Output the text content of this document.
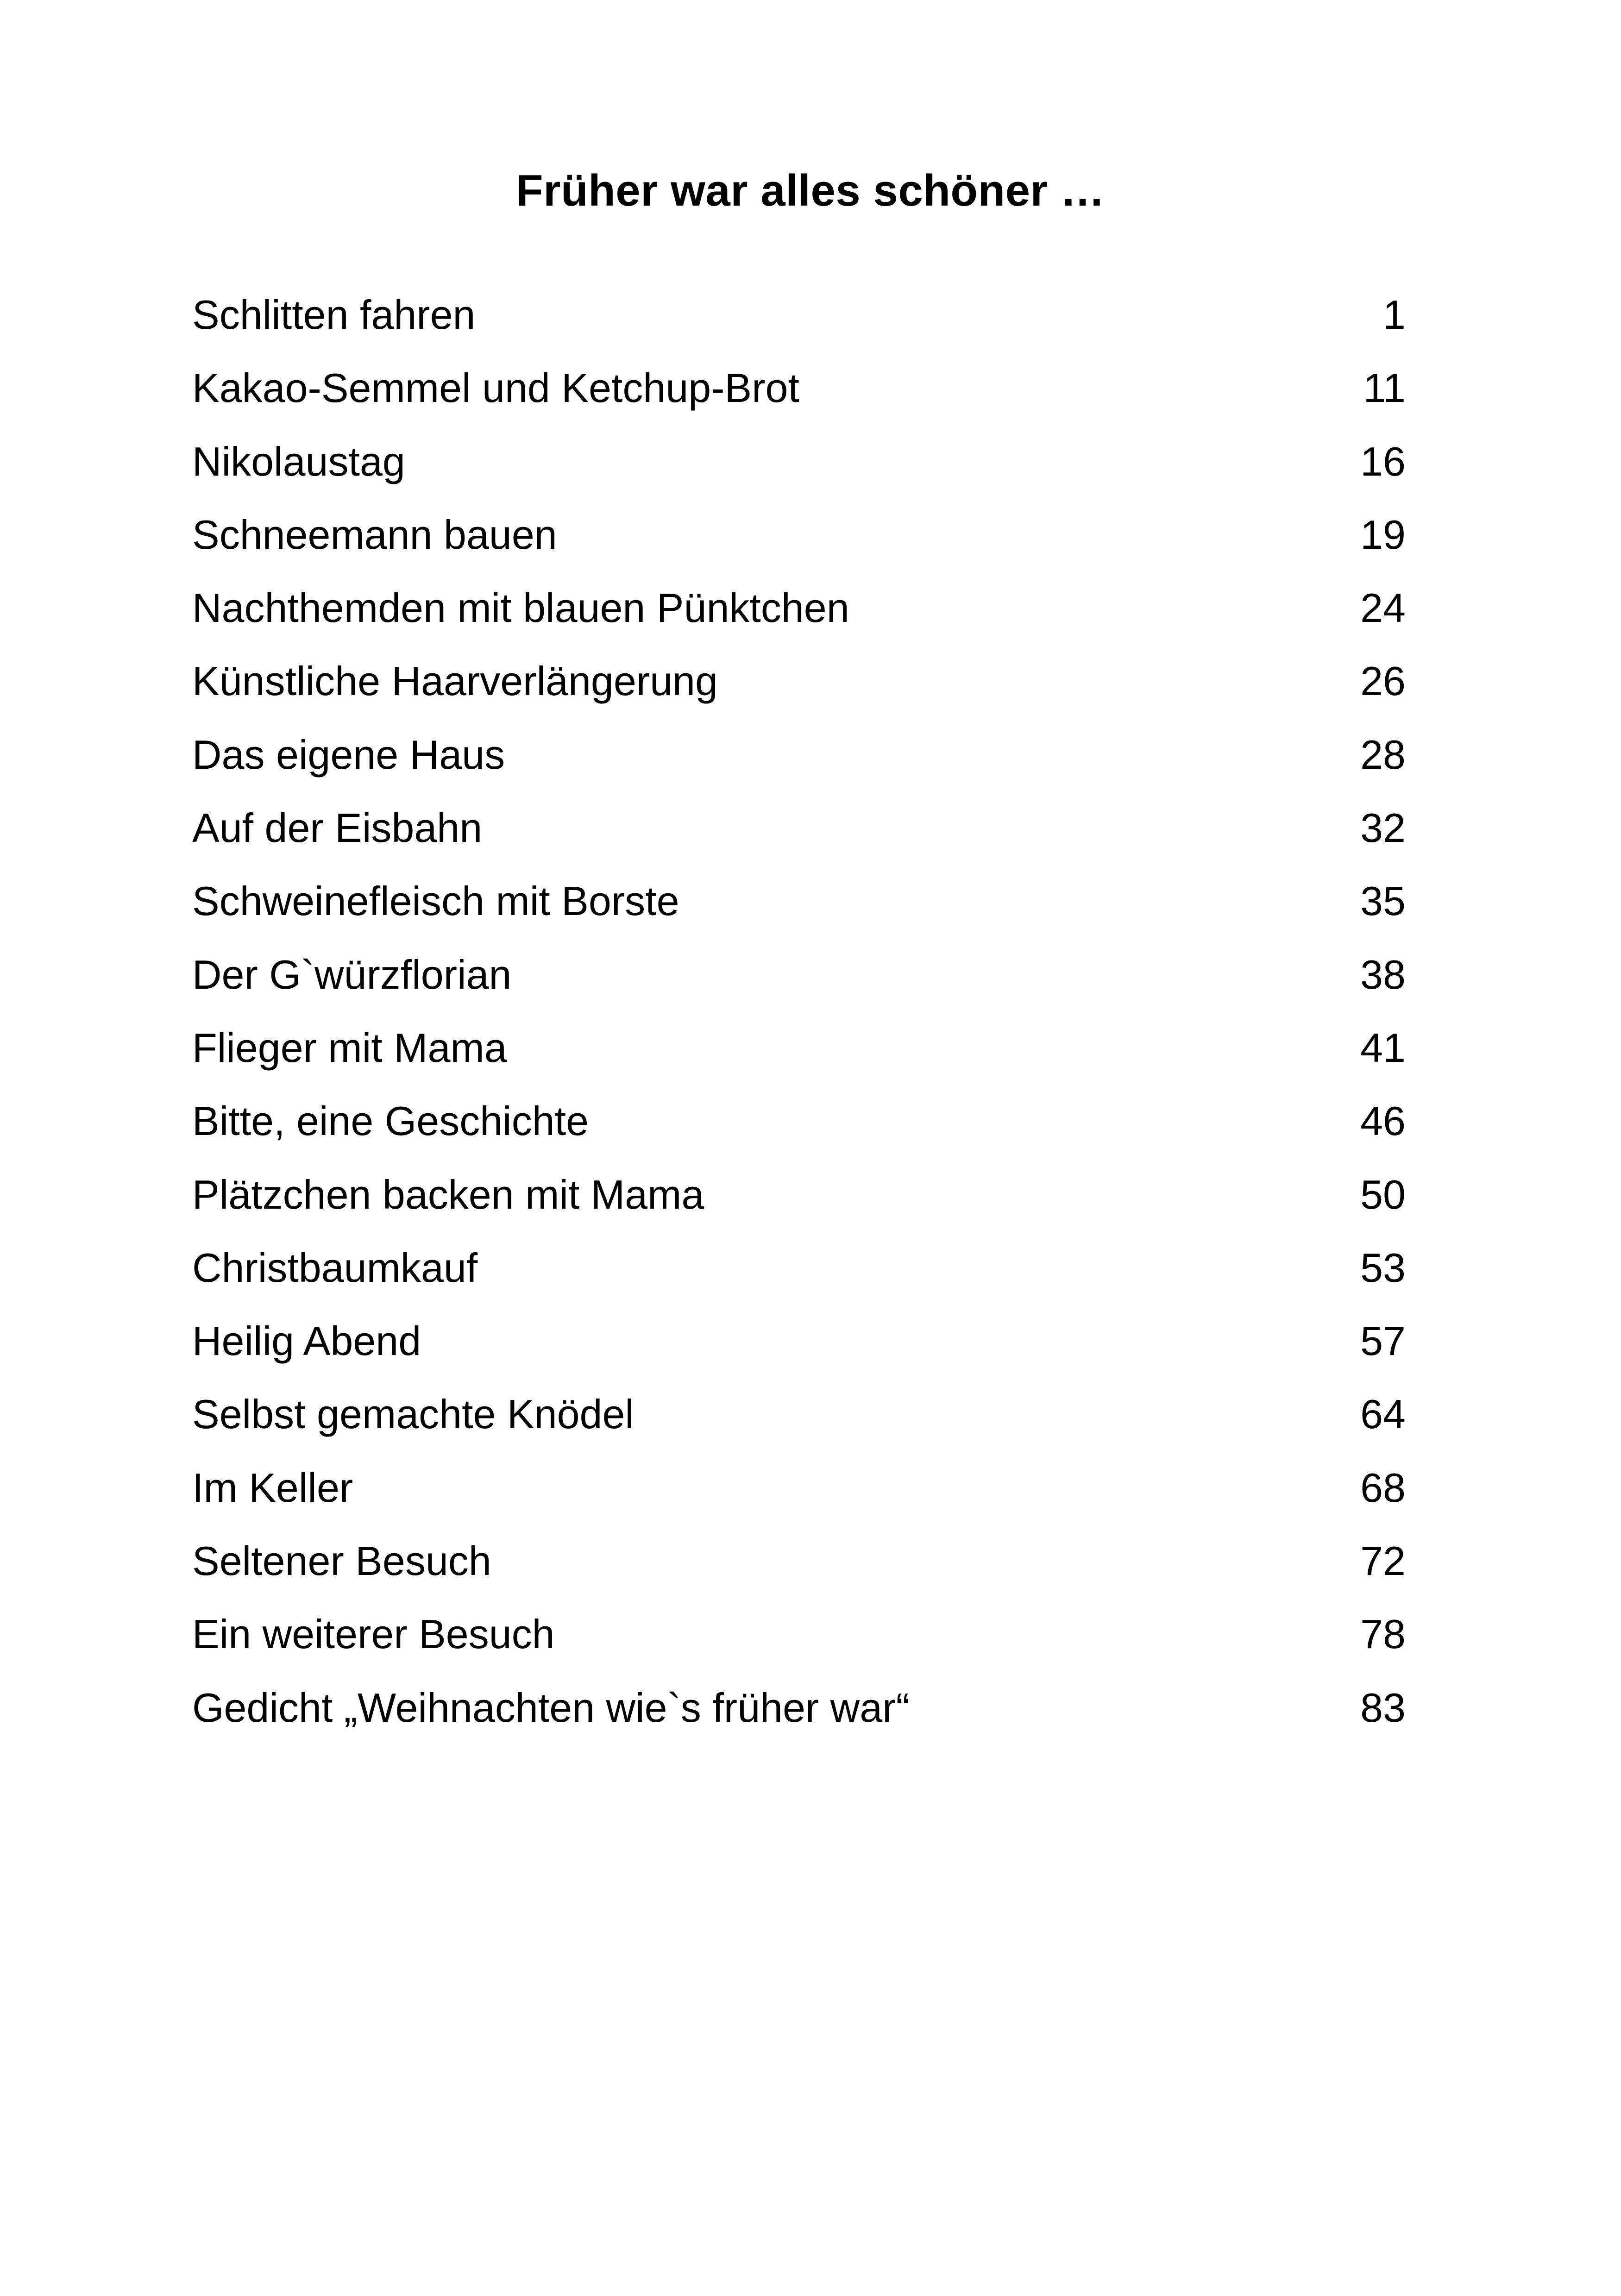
Früher war alles schöner …
Schlitten fahren	1
Kakao-Semmel und Ketchup-Brot	11
Nikolaustag	16
Schneemann bauen	19
Nachthemden mit blauen Pünktchen	24
Künstliche Haarverlängerung	26
Das eigene Haus	28
Auf der Eisbahn	32
Schweinefleisch mit Borste	35
Der G`würzflorian	38
Flieger mit Mama	41
Bitte, eine Geschichte	46
Plätzchen backen mit Mama	50
Christbaumkauf	53
Heilig Abend	57
Selbst gemachte Knödel	64
Im Keller	68
Seltener Besuch	72
Ein weiterer Besuch	78
Gedicht „Weihnachten wie`s früher war“	83
